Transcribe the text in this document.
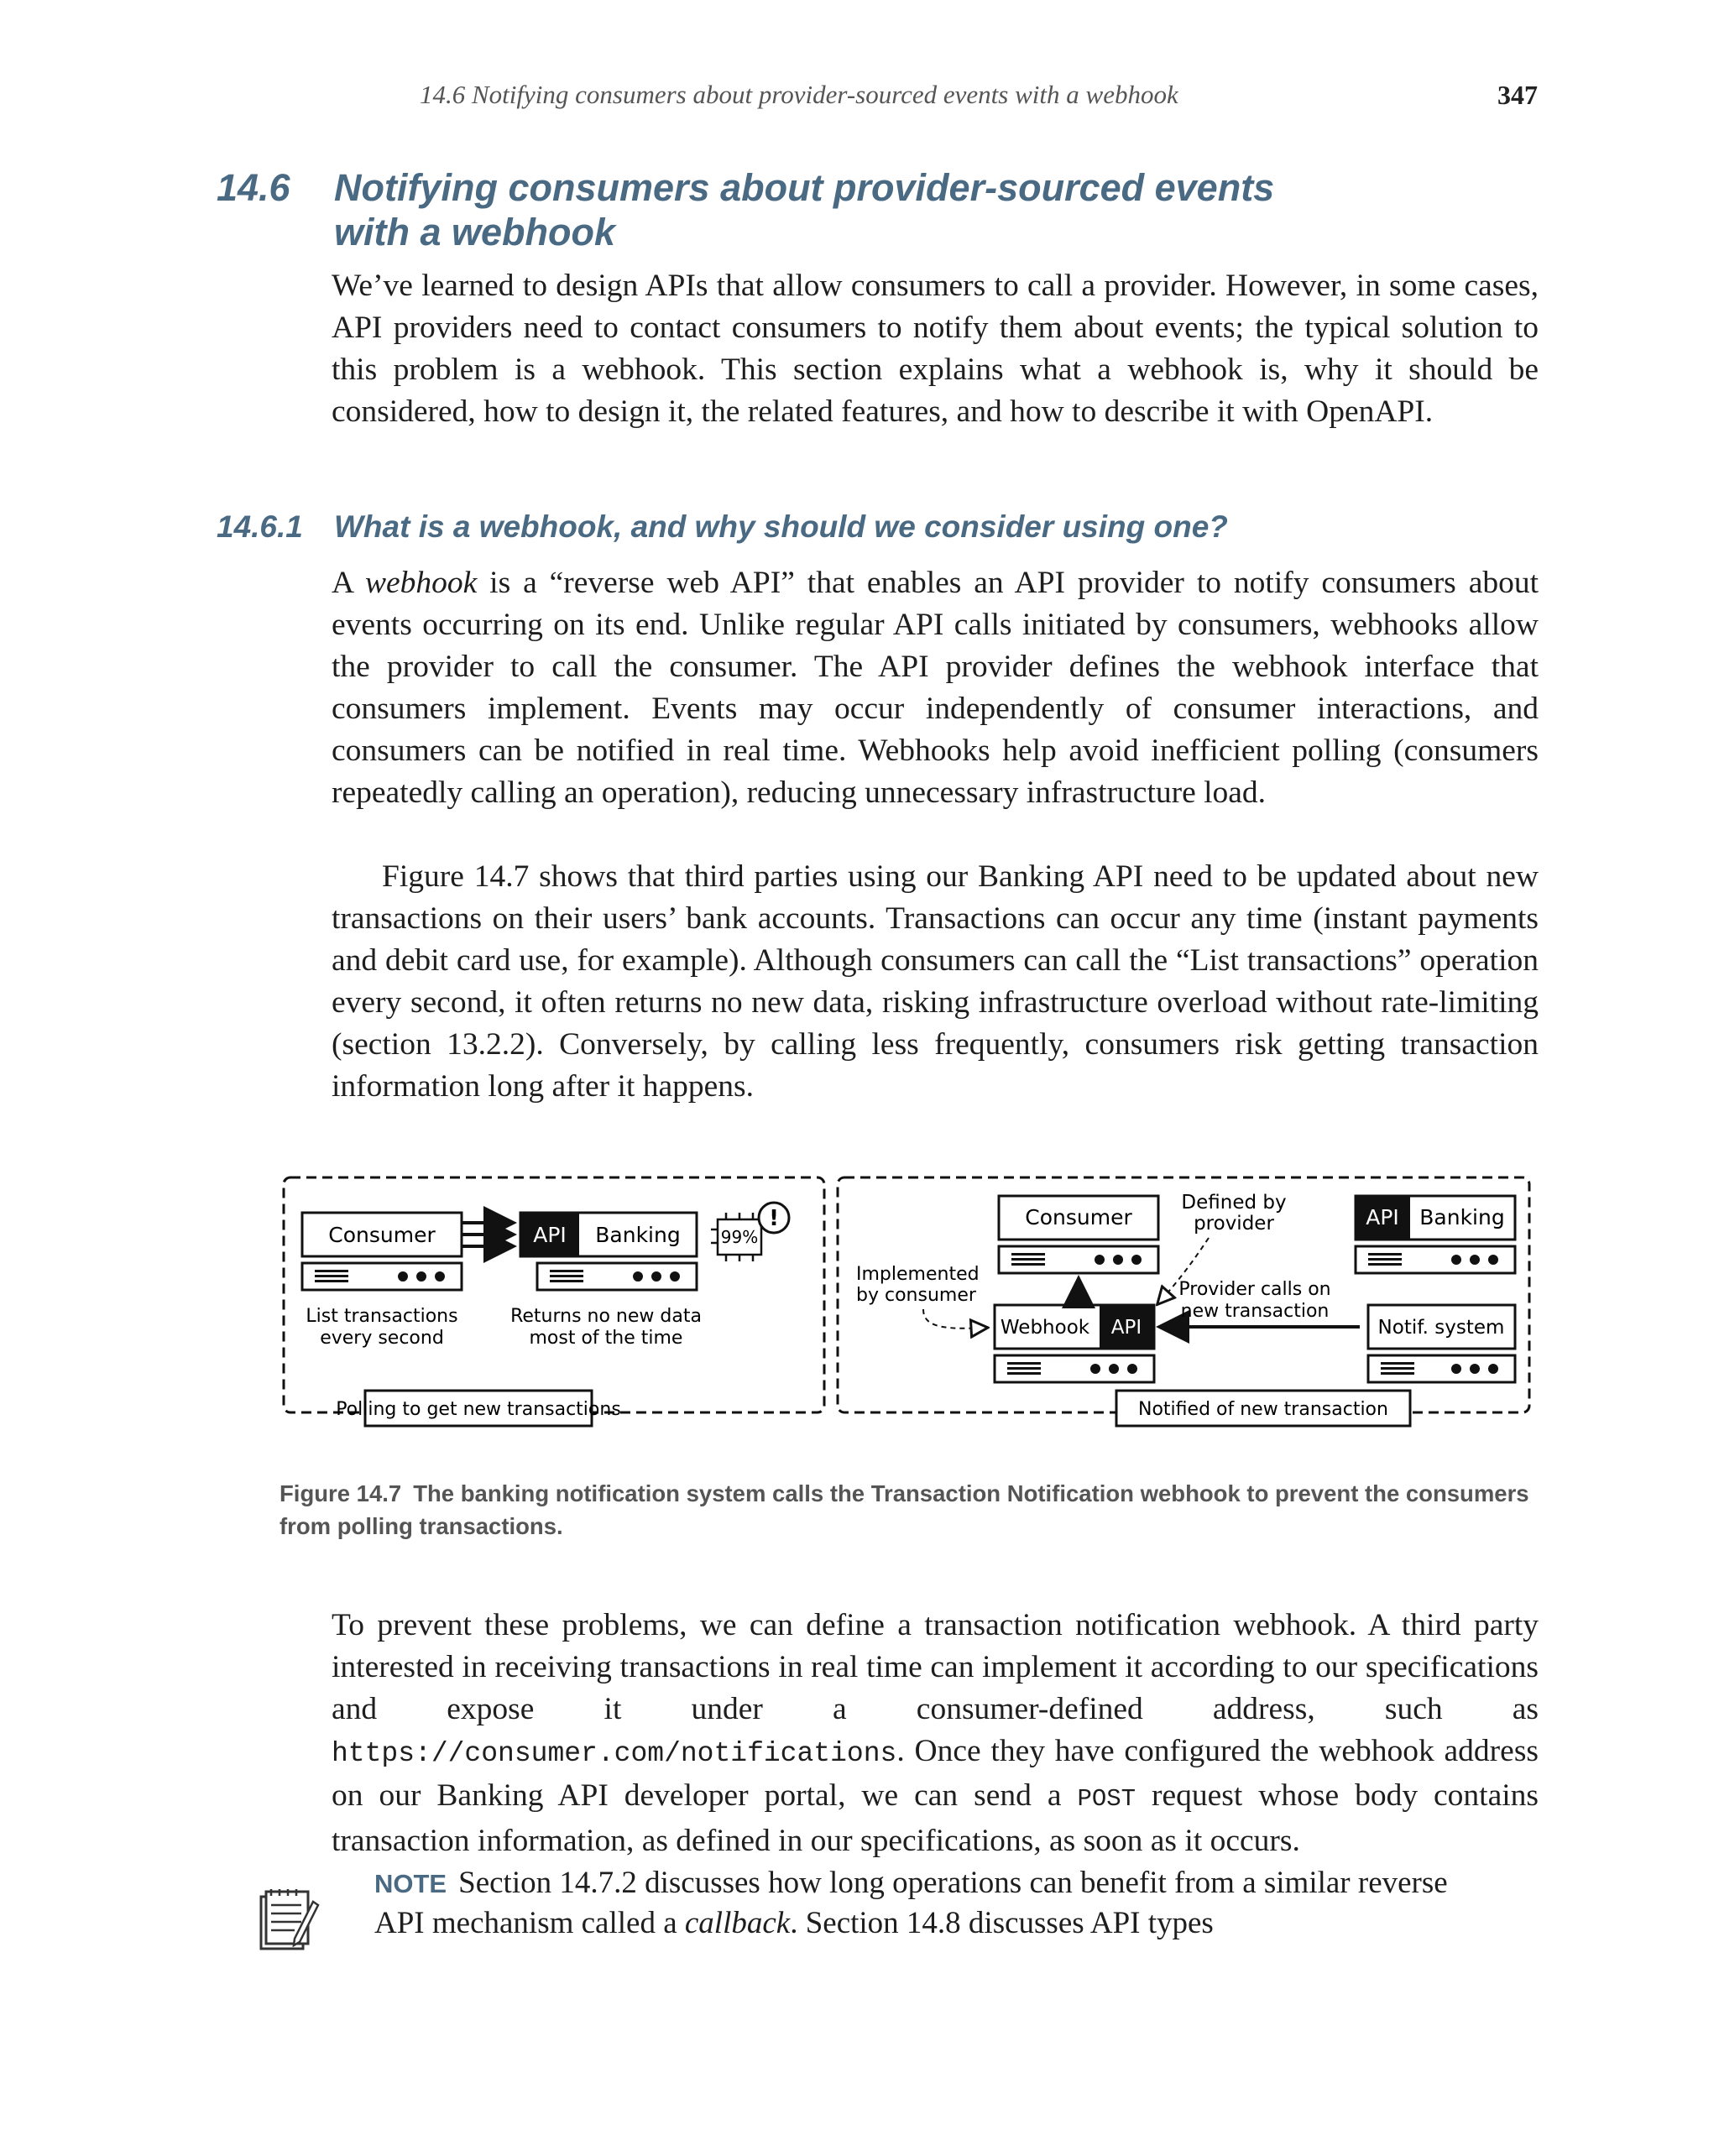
14.6 Notifying consumers about provider-sourced events with a webhook	347
14.6 Notifying consumers about provider-sourced events
with a webhook

We’ve learned to design APIs that allow consumers to call a provider. However, in some cases, API providers need to contact consumers to notify them about events; the typical solution to this problem is a webhook. This section explains what a webhook is, why it should be considered, how to design it, the related features, and how to describe it with OpenAPI.

14.6.1 What is a webhook, and why should we consider using one?

A webhook is a “reverse web API” that enables an API provider to notify consumers about events occurring on its end. Unlike regular API calls initiated by consumers, webhooks allow the provider to call the consumer. The API provider defines the webhook interface that consumers implement. Events may occur independently of consumer interactions, and consumers can be notified in real time. Webhooks help avoid inefficient polling (consumers repeatedly calling an operation), reducing unnecessary infrastructure load.

Figure 14.7 shows that third parties using our Banking API need to be updated about new transactions on their users’ bank accounts. Transactions can occur any time (instant payments and debit card use, for example). Although consumers can call the “List transactions” operation every second, it often returns no new data, risking infrastructure overload without rate-limiting (section 13.2.2). Conversely, by calling less frequently, consumers risk getting transaction information long after it happens.

Consumer	API Banking 99%
!
List transactions
every second
Returns no new data
most of the time
Polling to get new transactions
Consumer
Defined by
provider	API Banking
Implemented
by consumer
Webhook API
Provider calls on
new transaction
Notif. system
Notified of new transaction
Figure 14.7 The banking notification system calls the Transaction Notification webhook to prevent the consumers from polling transactions.

To prevent these problems, we can define a transaction notification webhook. A third party interested in receiving transactions in real time can implement it according to our specifications and expose it under a consumer-defined address, such as https://consumer.com/notifications. Once they have configured the webhook address on our Banking API developer portal, we can send a POST request whose body contains transaction information, as defined in our specifications, as soon as it occurs.

NOTE Section 14.7.2 discusses how long operations can benefit from a similar reverse API mechanism called a callback. Section 14.8 discusses API types
